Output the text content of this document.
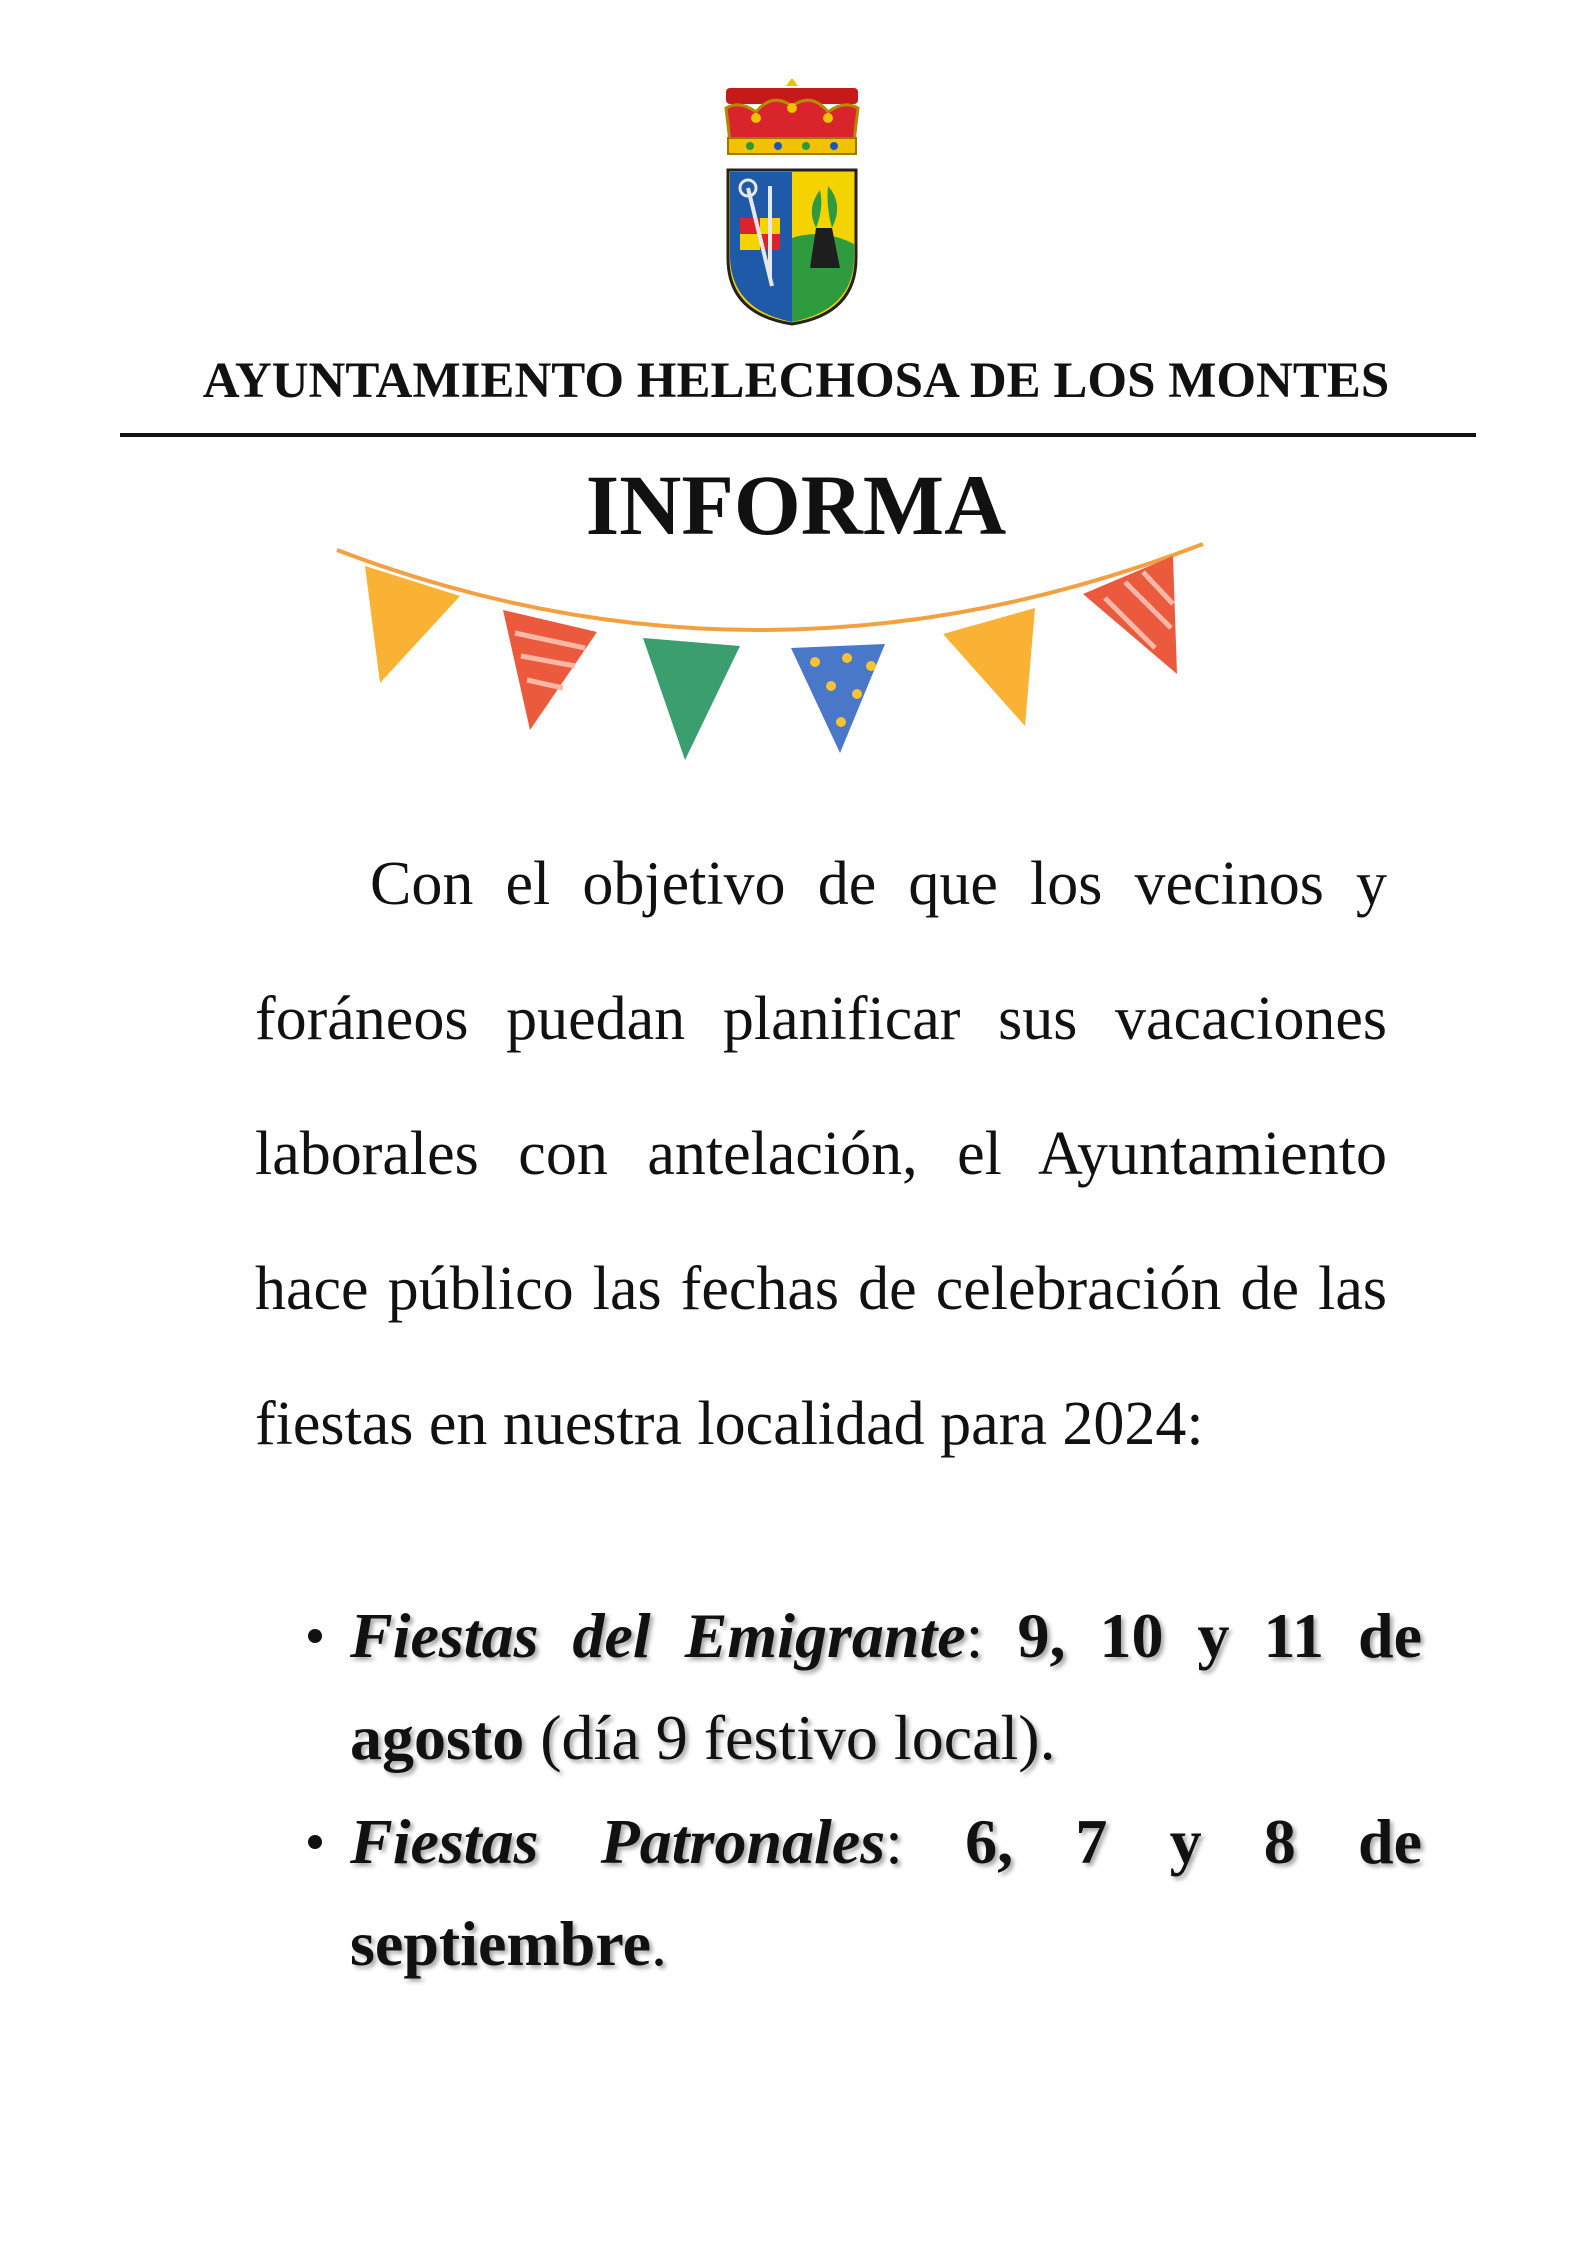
AYUNTAMIENTO HELECHOSA DE LOS MONTES
INFORMA

Con el objetivo de que los vecinos y foráneos puedan planificar sus vacaciones laborales con antelación, el Ayuntamiento hace público las fechas de celebración de las fiestas en nuestra localidad para 2024:

Fiestas del Emigrante: 9, 10 y 11 de agosto (día 9 festivo local).
Fiestas Patronales: 6, 7 y 8 de septiembre.
